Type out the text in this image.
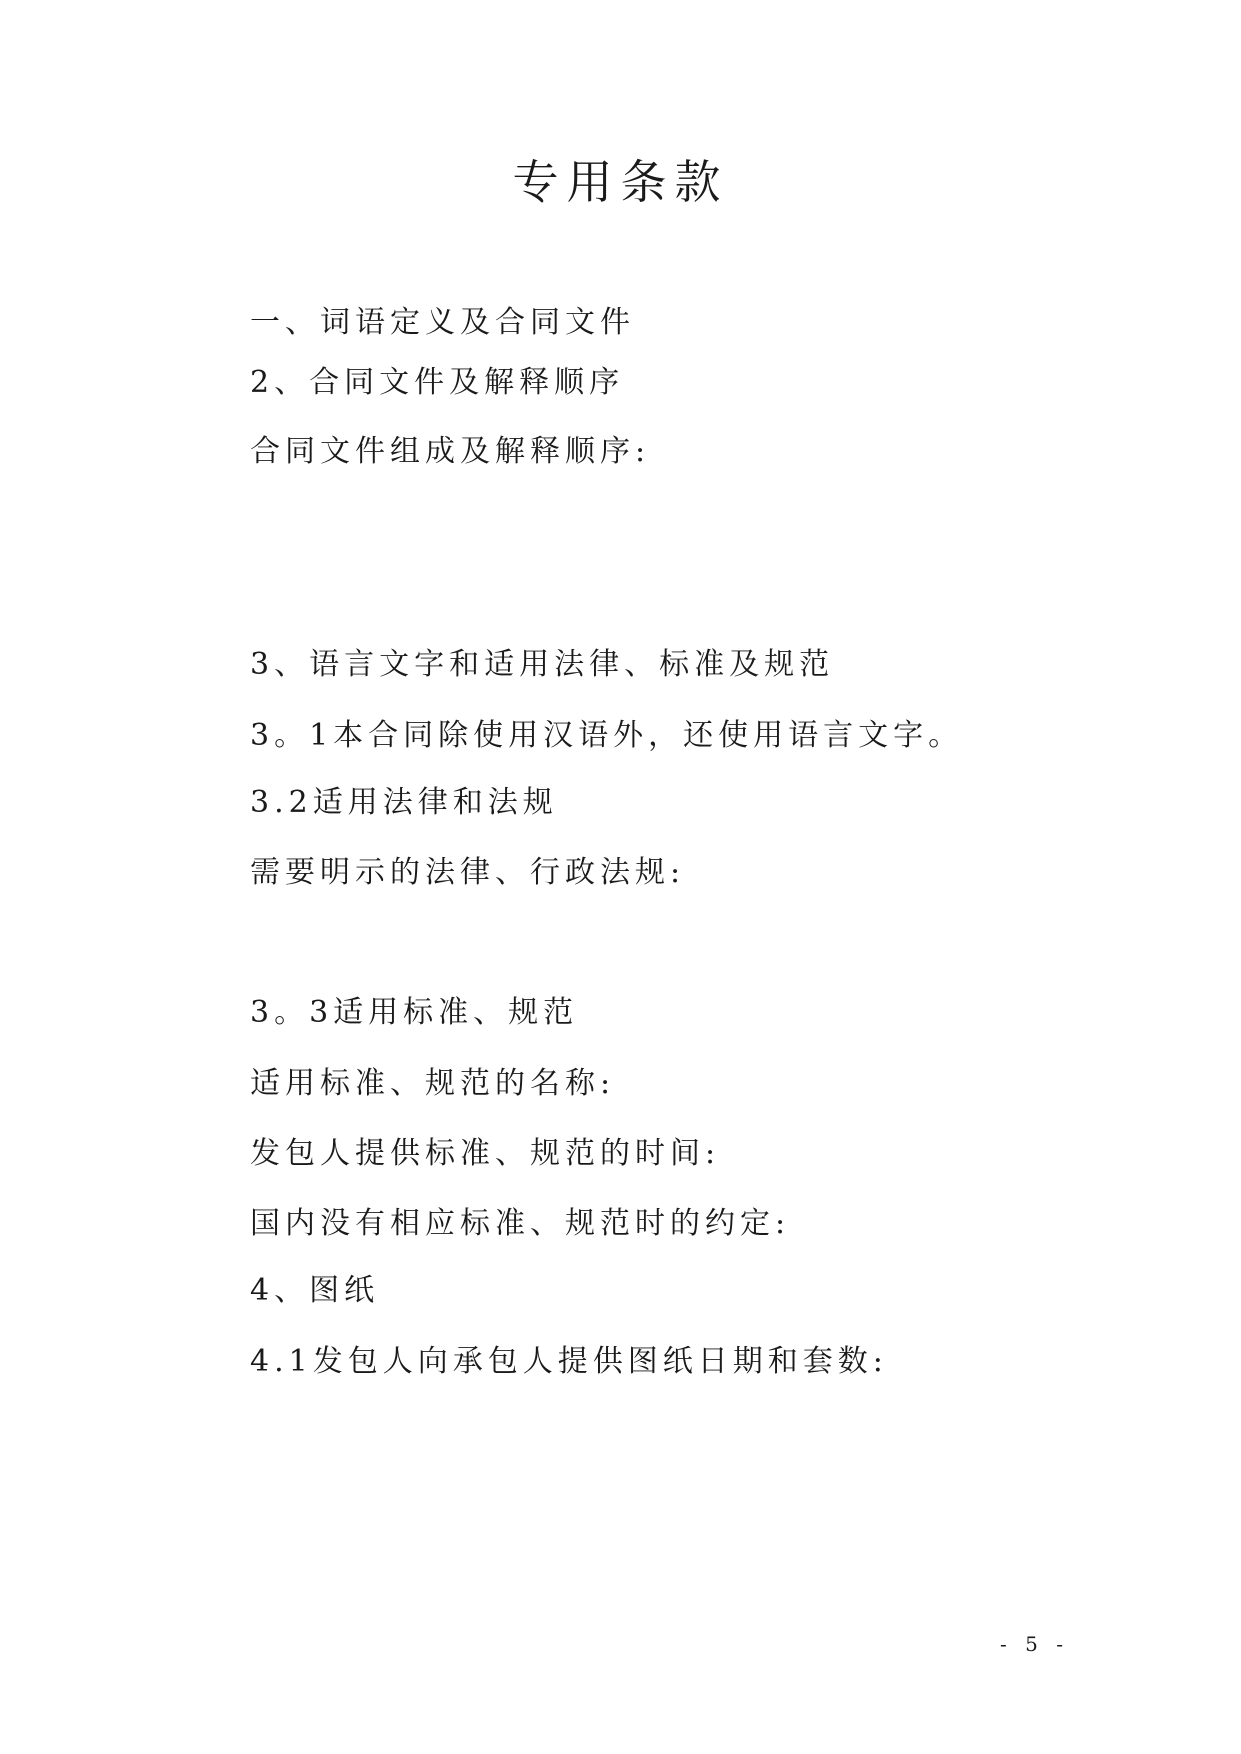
专用条款

一、词语定义及合同文件

2、合同文件及解释顺序

合同文件组成及解释顺序:

3、语言文字和适用法律、标准及规范

3。1本合同除使用汉语外，还使用语言文字。

3.2适用法律和法规

需要明示的法律、行政法规:

3。3适用标准、规范

适用标准、规范的名称:

发包人提供标准、规范的时间:

国内没有相应标准、规范时的约定:

4、图纸

4.1发包人向承包人提供图纸日期和套数:

- 5 -
